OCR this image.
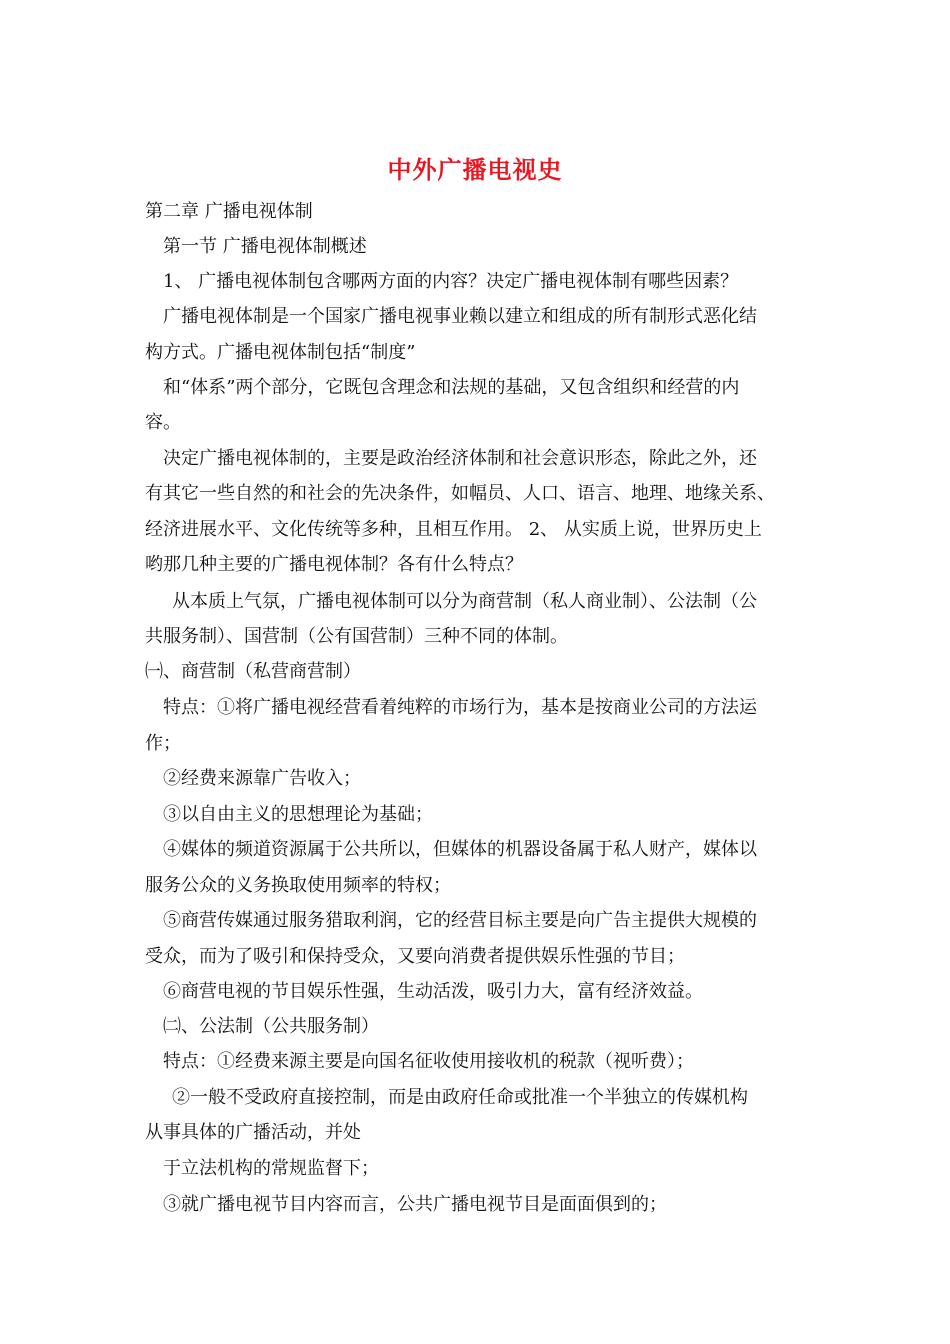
中外广播电视史
第二章 广播电视体制
第一节 广播电视体制概述
1、 广播电视体制包含哪两方面的内容？决定广播电视体制有哪些因素？
广播电视体制是一个国家广播电视事业赖以建立和组成的所有制形式恶化结
构方式。广播电视体制包括“制度”
和“体系”两个部分，它既包含理念和法规的基础，又包含组织和经营的内
容。
决定广播电视体制的，主要是政治经济体制和社会意识形态，除此之外，还
有其它一些自然的和社会的先决条件，如幅员、人口、语言、地理、地缘关系、
经济进展水平、文化传统等多种，且相互作用。 2、 从实质上说，世界历史上
哟那几种主要的广播电视体制？各有什么特点？
从本质上气氛，广播电视体制可以分为商营制（私人商业制）、公法制（公
共服务制）、国营制（公有国营制）三种不同的体制。
㈠、商营制（私营商营制）
特点：①将广播电视经营看着纯粹的市场行为，基本是按商业公司的方法运
作；
②经费来源靠广告收入；
③以自由主义的思想理论为基础；
④媒体的频道资源属于公共所以，但媒体的机器设备属于私人财产，媒体以
服务公众的义务换取使用频率的特权；
⑤商营传媒通过服务猎取利润，它的经营目标主要是向广告主提供大规模的
受众，而为了吸引和保持受众，又要向消费者提供娱乐性强的节目；
⑥商营电视的节目娱乐性强，生动活泼，吸引力大，富有经济效益。
㈡、公法制（公共服务制）
特点：①经费来源主要是向国名征收使用接收机的税款（视听费）；
②一般不受政府直接控制，而是由政府任命或批准一个半独立的传媒机构
从事具体的广播活动，并处
于立法机构的常规监督下；
③就广播电视节目内容而言，公共广播电视节目是面面俱到的；
